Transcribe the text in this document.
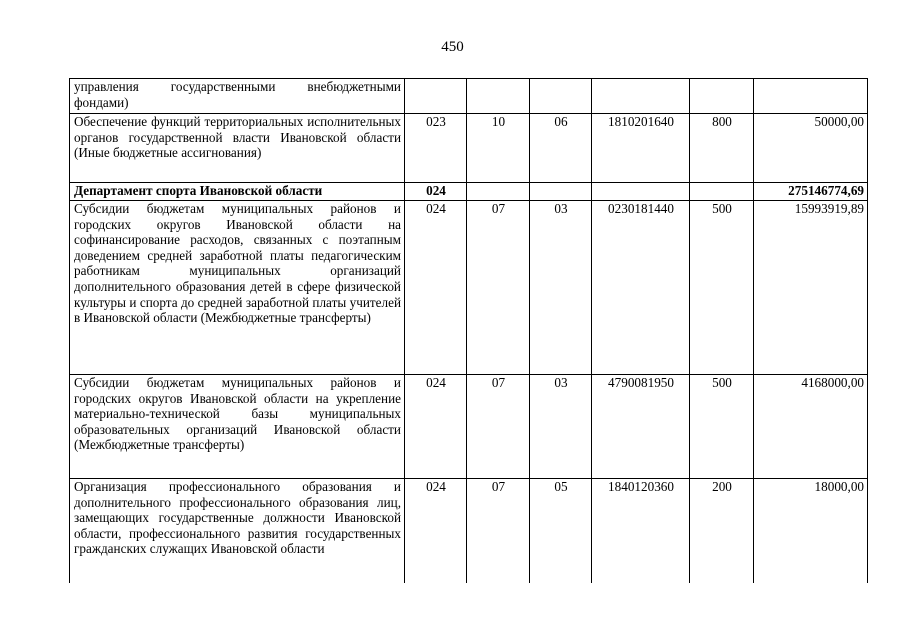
450
управления государственными внебюджетными фондами)						
Обеспечение функций территориальных исполнительных органов государственной власти Ивановской области (Иные бюджетные ассигнования)	023	10	06	1810201640	800	50000,00
Департамент спорта Ивановской области	024					275146774,69
Субсидии бюджетам муниципальных районов и городских округов Ивановской области на софинансирование расходов, связанных с поэтапным доведением средней заработной платы педагогическим работникам муниципальных организаций дополнительного образования детей в сфере физической культуры и спорта до средней заработной платы учителей в Ивановской области (Межбюджетные трансферты)	024	07	03	0230181440	500	15993919,89
Субсидии бюджетам муниципальных районов и городских округов Ивановской области на укрепление материально-технической базы муниципальных образовательных организаций Ивановской области (Межбюджетные трансферты)	024	07	03	4790081950	500	4168000,00
Организация профессионального образования и дополнительного профессионального образования лиц, замещающих государственные должности Ивановской области, профессионального развития государственных гражданских служащих Ивановской области	024	07	05	1840120360	200	18000,00
